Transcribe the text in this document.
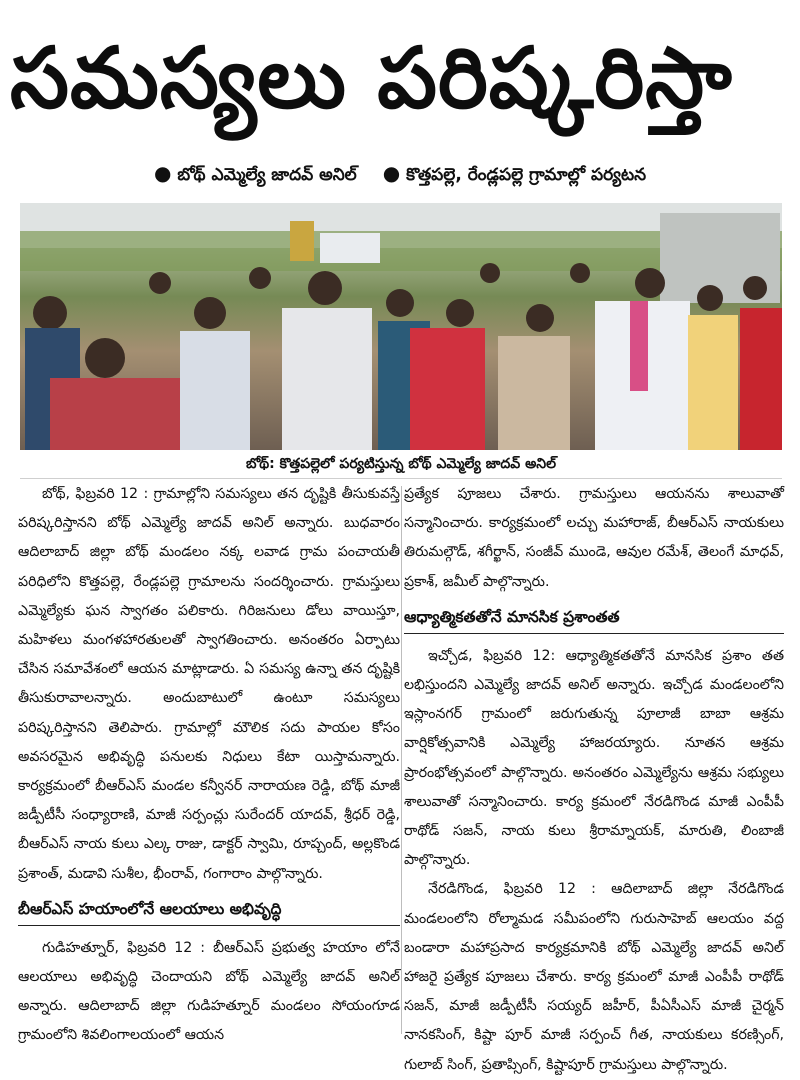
సమస్యలు పరిష్కరిస్తా
● బోథ్ ఎమ్మెల్యే జాదవ్ అనిల్ ● కొత్తపల్లె, రేండ్లపల్లె గ్రామాల్లో పర్యటన
బోథ్: కొత్తపల్లెలో పర్యటిస్తున్న బోథ్ ఎమ్మెల్యే జాదవ్ అనిల్

బోథ్, ఫిబ్రవరి 12 : గ్రామాల్లోని సమస్యలు తన దృష్టికి తీసుకువస్తే పరిష్కరిస్తానని బోథ్ ఎమ్మెల్యే జాదవ్ అనిల్ అన్నారు. బుధవారం ఆదిలాబాద్ జిల్లా బోథ్ మండలం నక్క లవాడ గ్రామ పంచాయతీ పరిధిలోని కొత్తపల్లె, రేండ్లపల్లె గ్రామాలను సందర్శించారు. గ్రామస్తులు ఎమ్మెల్యేకు ఘన స్వాగతం పలికారు. గిరిజనులు డోలు వాయిస్తూ, మహిళలు మంగళహారతులతో స్వాగతించారు. అనంతరం ఏర్పాటు చేసిన సమావేశంలో ఆయన మాట్లాడారు. ఏ సమస్య ఉన్నా తన దృష్టికి తీసుకురావాలన్నారు. అందుబాటులో ఉంటూ సమస్యలు పరిష్కరిస్తానని తెలిపారు. గ్రామాల్లో మౌలిక సదు పాయల కోసం అవసరమైన అభివృద్ధి పనులకు నిధులు కేటా యిస్తామన్నారు. కార్యక్రమంలో బీఆర్ఎస్ మండల కన్వీనర్ నారాయణ రెడ్డి, బోథ్ మాజీ జడ్పీటీసీ సంధ్యారాణి, మాజీ సర్పంచ్లు సురేందర్ యాదవ్, శ్రీధర్ రెడ్డి, బీఆర్ఎస్ నాయ కులు ఎల్క రాజు, డాక్టర్ స్వామి, రూప్చంద్, అల్లకొండ ప్రశాంత్, మడావి సుశీల, భీంరావ్, గంగారాం పాల్గొన్నారు.

బీఆర్ఎస్ హయాంలోనే ఆలయాలు అభివృద్ధి

గుడిహత్నూర్, ఫిబ్రవరి 12 : బీఆర్ఎస్ ప్రభుత్వ హయాం లోనే ఆలయాలు అభివృద్ధి చెందాయని బోథ్ ఎమ్మెల్యే జాదవ్ అనిల్ అన్నారు. ఆదిలాబాద్ జిల్లా గుడిహత్నూర్ మండలం సోయంగూడ గ్రామంలోని శివలింగాలయంలో ఆయన

ప్రత్యేక పూజలు చేశారు. గ్రామస్తులు ఆయనను శాలువాతో సన్మానించారు. కార్యక్రమంలో లచ్చు మహారాజ్, బీఆర్ఎస్ నాయకులు తిరుమల్గౌడ్, శగీర్ఖాన్, సంజీవ్ ముండె, ఆవుల రమేశ్, తెలంగే మాధవ్, ప్రకాశ్, జమీల్ పాల్గొన్నారు.

ఆధ్యాత్మికతతోనే మానసిక ప్రశాంతత

ఇచ్చోడ, ఫిబ్రవరి 12: ఆధ్యాత్మికతతోనే మానసిక ప్రశాం తత లభిస్తుందని ఎమ్మెల్యే జాదవ్ అనిల్ అన్నారు. ఇచ్చోడ మండలంలోని ఇస్లాంనగర్ గ్రామంలో జరుగుతున్న పూలాజీ బాబా ఆశ్రమ వార్షికోత్సవానికి ఎమ్మెల్యే హాజరయ్యారు. నూతన ఆశ్రమ ప్రారంభోత్సవంలో పాల్గొన్నారు. అనంతరం ఎమ్మెల్యేను ఆశ్రమ సభ్యులు శాలువాతో సన్మానించారు. కార్య క్రమంలో నేరడిగొండ మాజీ ఎంపీపీ రాథోడ్ సజన్, నాయ కులు శ్రీరామ్నాయక్, మారుతి, లింబాజీ పాల్గొన్నారు.

నేరడిగొండ, ఫిబ్రవరి 12 : ఆదిలాబాద్ జిల్లా నేరడిగొండ మండలంలోని రోల్మామడ సమీపంలోని గురుసాహెబ్ ఆలయం వద్ద బండారా మహాప్రసాద కార్యక్రమానికి బోథ్ ఎమ్మెల్యే జాదవ్ అనిల్ హాజరై ప్రత్యేక పూజలు చేశారు. కార్య క్రమంలో మాజీ ఎంపీపీ రాథోడ్ సజన్, మాజీ జడ్పీటీసీ సయ్యద్ జహీర్, పీఏసీఎస్ మాజీ చైర్మన్ నానకసింగ్, కిష్టా పూర్ మాజీ సర్పంచ్ గీత, నాయకులు కరణ్సింగ్, గులాబ్ సింగ్, ప్రతాప్సింగ్, కిష్టాపూర్ గ్రామస్తులు పాల్గొన్నారు.
